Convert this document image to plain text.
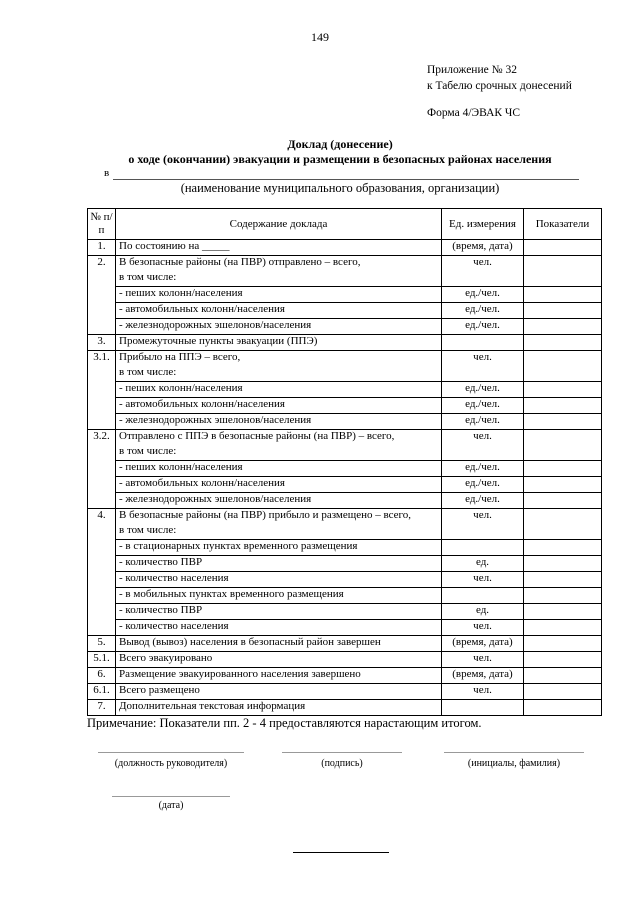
149
Приложение № 32
к Табелю срочных донесений
Форма 4/ЭВАК ЧС
Доклад (донесение)
о ходе (окончании) эвакуации и размещении в безопасных районах населения
в
(наименование муниципального образования, организации)
№ п/п	Содержание доклада	Ед. измерения	Показатели
1.	По состоянию на _____	(время, дата)	
2.	В безопасные районы (на ПВР) отправлено – всего,	чел.	
	в том числе:		
	- пеших колонн/населения	ед./чел.	
	- автомобильных колонн/населения	ед./чел.	
	- железнодорожных эшелонов/населения	ед./чел.	
3.	Промежуточные пункты эвакуации (ППЭ)		
3.1.	Прибыло на ППЭ – всего,	чел.	
	в том числе:		
	- пеших колонн/населения	ед./чел.	
	- автомобильных колонн/населения	ед./чел.	
	- железнодорожных эшелонов/населения	ед./чел.	
3.2.	Отправлено с ППЭ в безопасные районы (на ПВР) – всего,	чел.	
	в том числе:		
	- пеших колонн/населения	ед./чел.	
	- автомобильных колонн/населения	ед./чел.	
	- железнодорожных эшелонов/населения	ед./чел.	
4.	В безопасные районы (на ПВР) прибыло и размещено – всего,	чел.	
	в том числе:		
	- в стационарных пунктах временного размещения		
	- количество ПВР	ед.	
	- количество населения	чел.	
	- в мобильных пунктах временного размещения		
	- количество ПВР	ед.	
	- количество населения	чел.	
5.	Вывод (вывоз) населения в безопасный район завершен	(время, дата)	
5.1.	Всего эвакуировано	чел.	
6.	Размещение эвакуированного населения завершено	(время, дата)	
6.1.	Всего размещено	чел.	
7.	Дополнительная текстовая информация		
Примечание: Показатели пп. 2 - 4 предоставляются нарастающим итогом.
(должность руководителя)	(подпись)	(инициалы, фамилия)
(дата)
